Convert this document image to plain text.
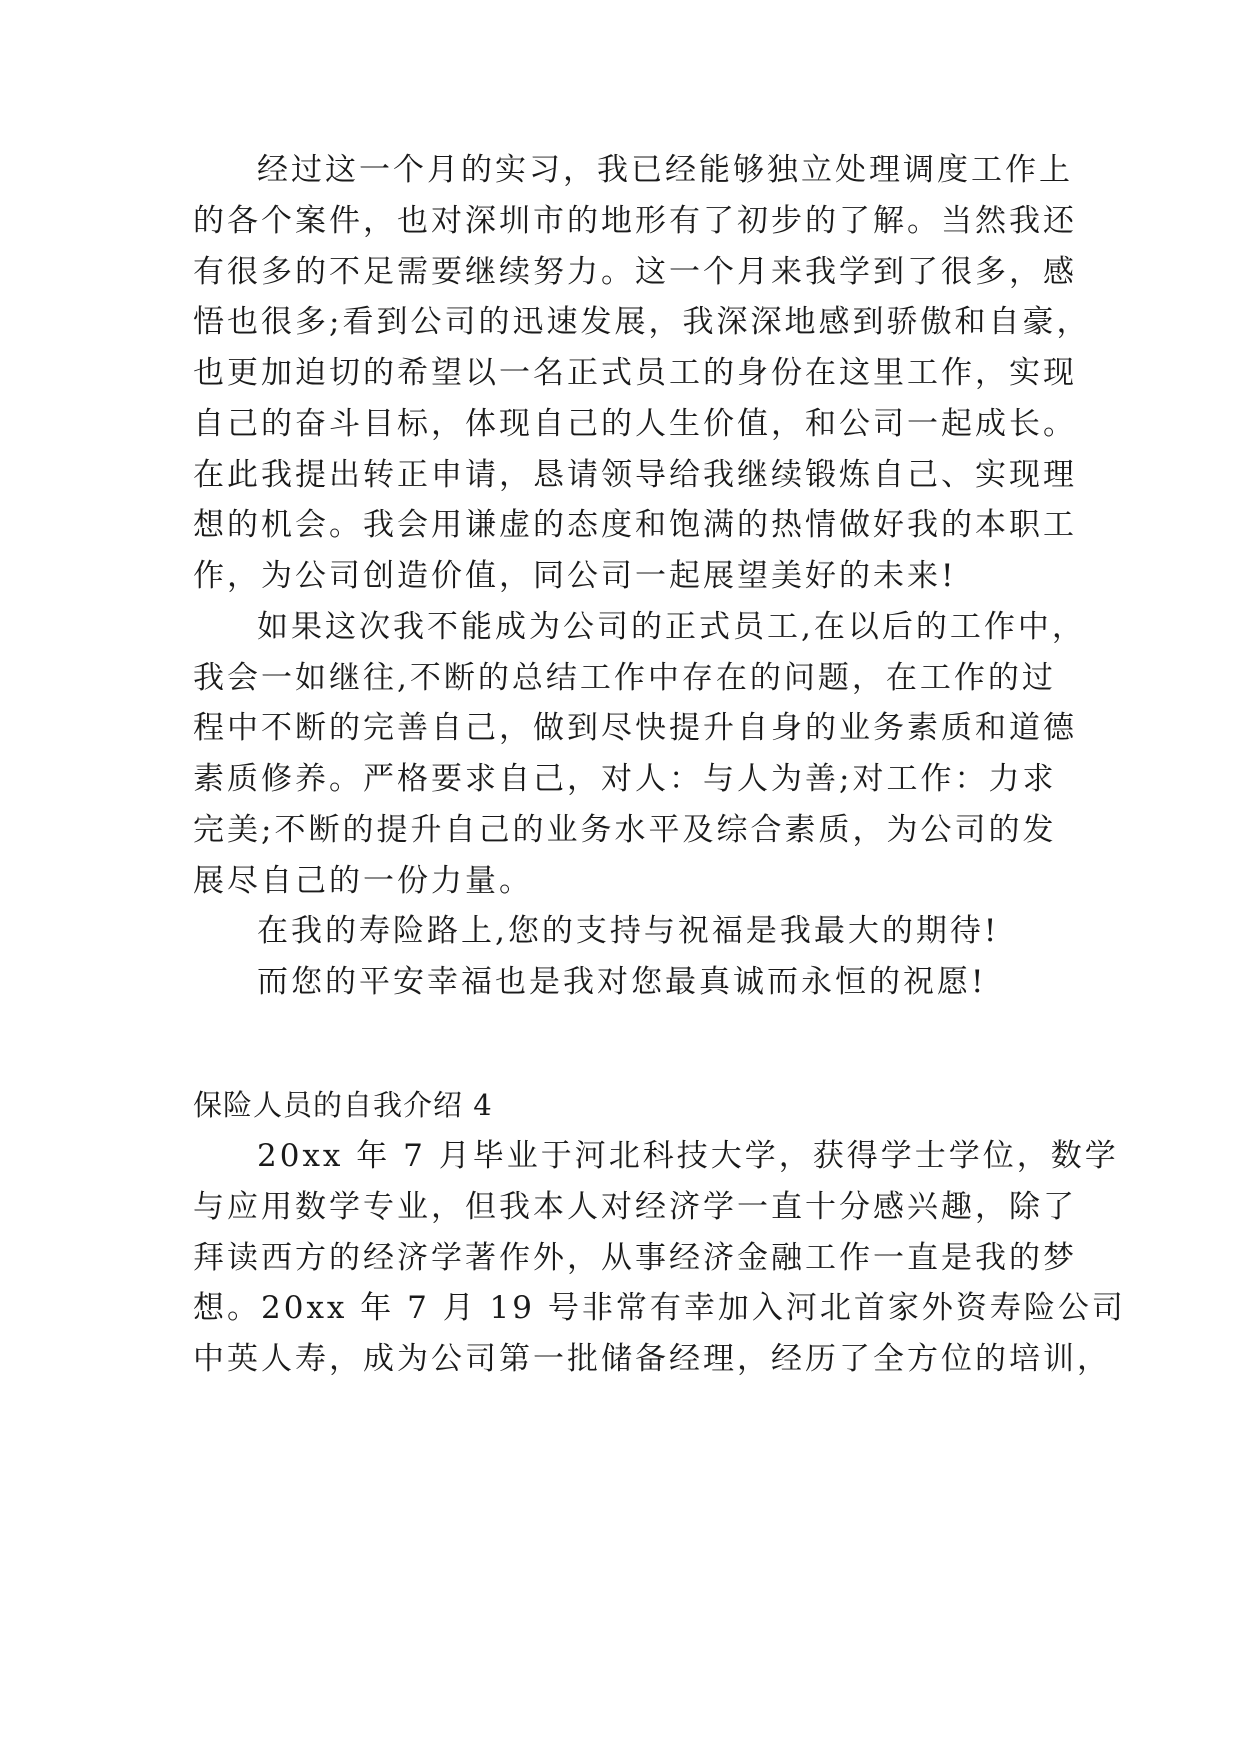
经过这一个月的实习，我已经能够独立处理调度工作上
的各个案件，也对深圳市的地形有了初步的了解。当然我还
有很多的不足需要继续努力。这一个月来我学到了很多，感
悟也很多;看到公司的迅速发展，我深深地感到骄傲和自豪，
也更加迫切的希望以一名正式员工的身份在这里工作，实现
自己的奋斗目标，体现自己的人生价值，和公司一起成长。
在此我提出转正申请，恳请领导给我继续锻炼自己、实现理
想的机会。我会用谦虚的态度和饱满的热情做好我的本职工
作，为公司创造价值，同公司一起展望美好的未来!
如果这次我不能成为公司的正式员工,在以后的工作中，
我会一如继往,不断的总结工作中存在的问题，在工作的过
程中不断的完善自己，做到尽快提升自身的业务素质和道德
素质修养。严格要求自己，对人：与人为善;对工作：力求
完美;不断的提升自己的业务水平及综合素质，为公司的发
展尽自己的一份力量。
在我的寿险路上,您的支持与祝福是我最大的期待!
而您的平安幸福也是我对您最真诚而永恒的祝愿!
保险人员的自我介绍 4
20xx 年 7 月毕业于河北科技大学，获得学士学位，数学
与应用数学专业，但我本人对经济学一直十分感兴趣，除了
拜读西方的经济学著作外，从事经济金融工作一直是我的梦
想。20xx 年 7 月 19 号非常有幸加入河北首家外资寿险公司
中英人寿，成为公司第一批储备经理，经历了全方位的培训，
